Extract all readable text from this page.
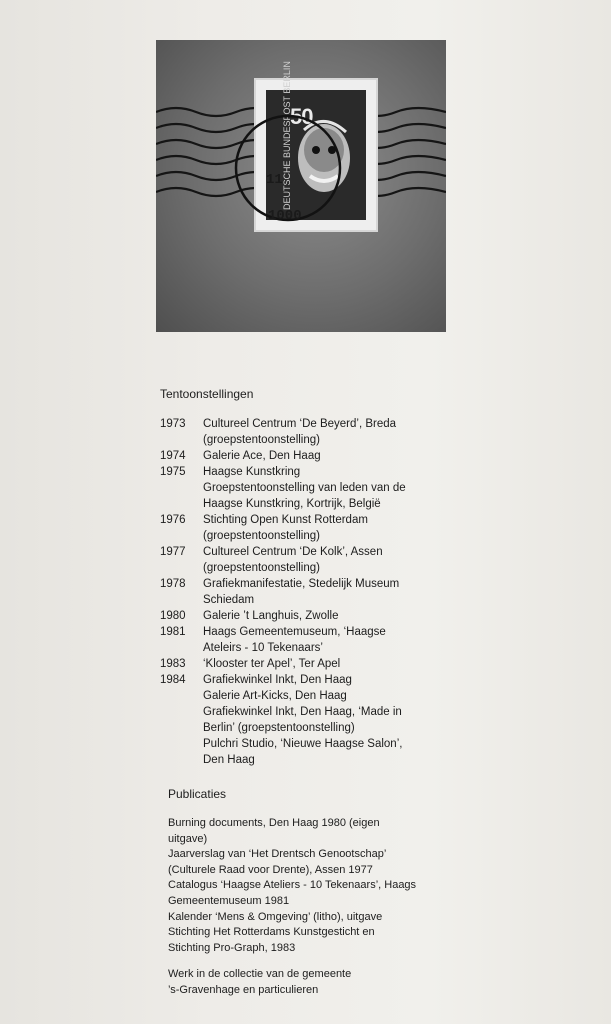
50
DEUTSCHE BUNDESPOST BERLIN
11
1000
Tentoonstellingen
1973	Cultureel Centrum ‘De Beyerd’, Breda
(groepstentoonstelling)
1974	Galerie Ace, Den Haag
1975	Haagse Kunstkring
Groepstentoonstelling van leden van de
Haagse Kunstkring, Kortrijk, België
1976	Stichting Open Kunst Rotterdam
(groepstentoonstelling)
1977	Cultureel Centrum ‘De Kolk’, Assen
(groepstentoonstelling)
1978	Grafiekmanifestatie, Stedelijk Museum
Schiedam
1980	Galerie ’t Langhuis, Zwolle
1981	Haags Gemeentemuseum, ‘Haagse
Ateleirs - 10 Tekenaars’
1983	‘Klooster ter Apel’, Ter Apel
1984	Grafiekwinkel Inkt, Den Haag
Galerie Art-Kicks, Den Haag
Grafiekwinkel Inkt, Den Haag, ‘Made in
Berlin’ (groepstentoonstelling)
Pulchri Studio, ‘Nieuwe Haagse Salon’,
Den Haag
Publicaties

Burning documents, Den Haag 1980 (eigen

uitgave)

Jaarverslag van ‘Het Drentsch Genootschap’

(Culturele Raad voor Drente), Assen 1977

Catalogus ‘Haagse Ateliers - 10 Tekenaars’, Haags

Gemeentemuseum 1981

Kalender ‘Mens & Omgeving’ (litho), uitgave

Stichting Het Rotterdams Kunstgesticht en

Stichting Pro-Graph, 1983

Werk in de collectie van de gemeente
’s-Gravenhage en particulieren
